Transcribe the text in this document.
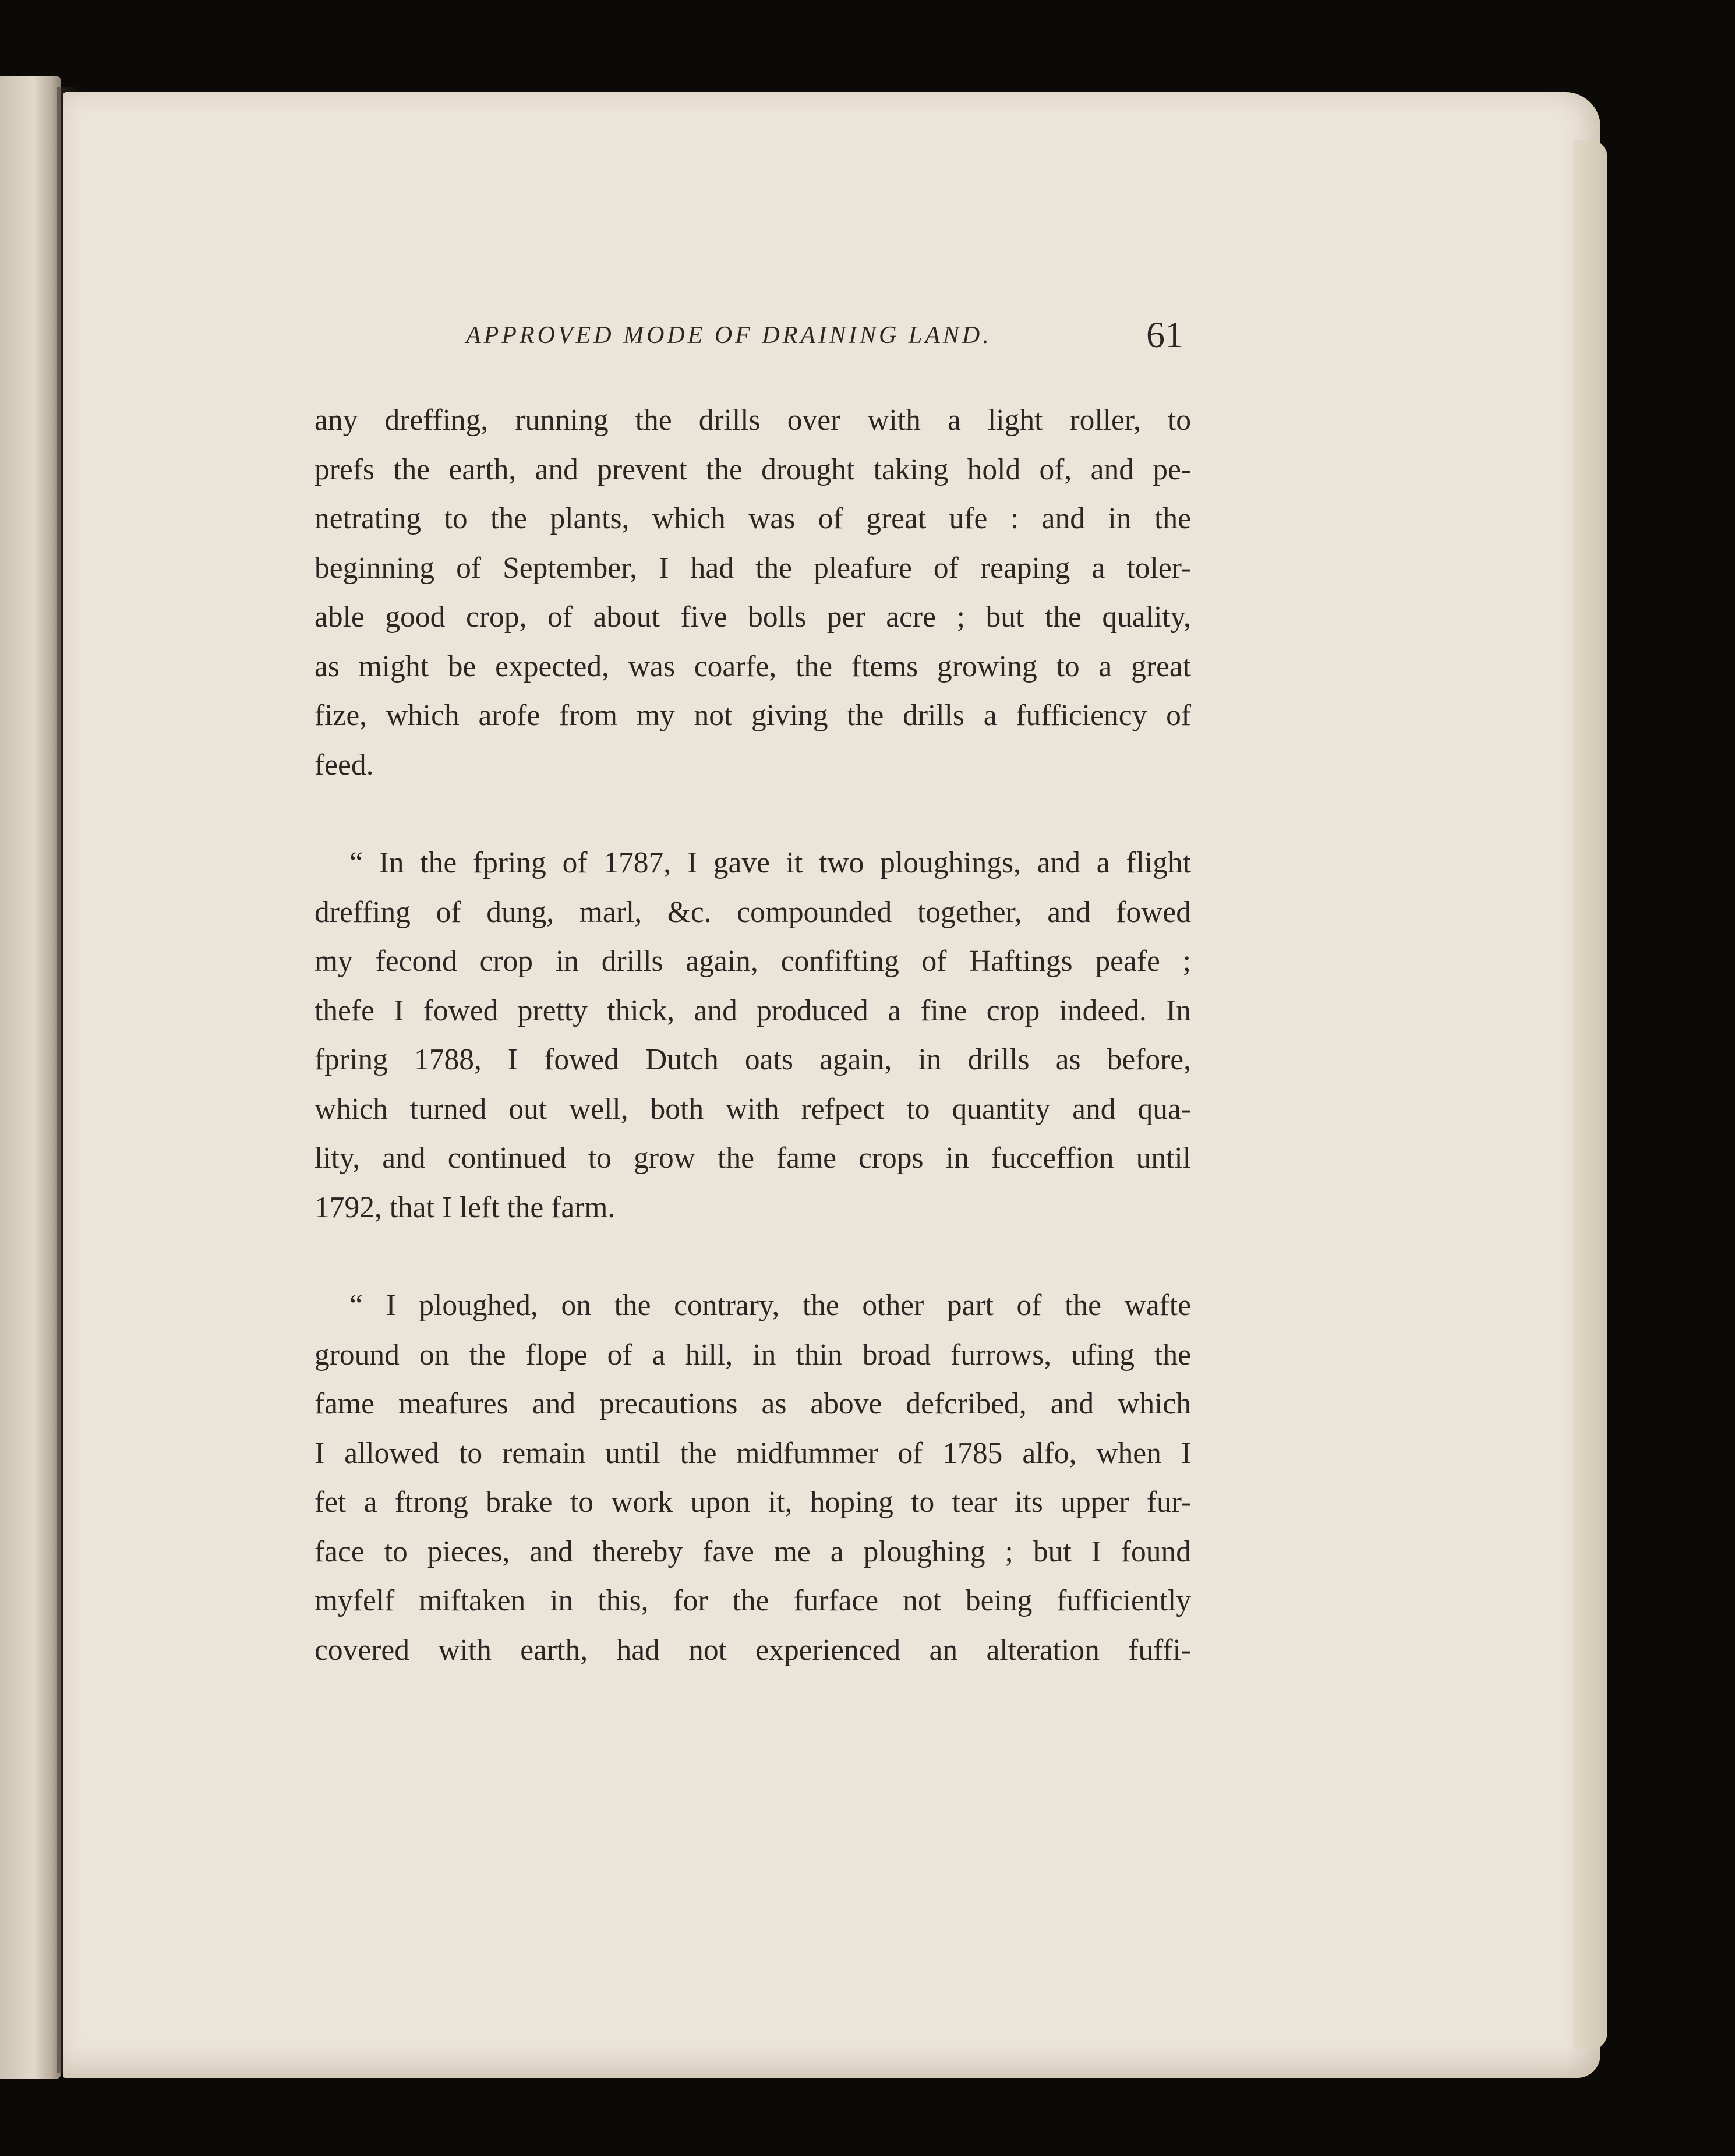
APPROVED MODE OF DRAINING LAND.	61

any dreffing, running the drills over with a light roller, to
prefs the earth, and prevent the drought taking hold of, and pe-
netrating to the plants, which was of great ufe : and in the
beginning of September, I had the pleafure of reaping a toler-
able good crop, of about five bolls per acre ; but the quality,
as might be expected, was coarfe, the ftems growing to a great
fize, which arofe from my not giving the drills a fufficiency of
feed.

“ In the fpring of 1787, I gave it two ploughings, and a flight
dreffing of dung, marl, &c. compounded together, and fowed
my fecond crop in drills again, confifting of Haftings peafe ;
thefe I fowed pretty thick, and produced a fine crop indeed. In
fpring 1788, I fowed Dutch oats again, in drills as before,
which turned out well, both with refpect to quantity and qua-
lity, and continued to grow the fame crops in fucceffion until
1792, that I left the farm.

“ I ploughed, on the contrary, the other part of the wafte
ground on the flope of a hill, in thin broad furrows, ufing the
fame meafures and precautions as above defcribed, and which
I allowed to remain until the midfummer of 1785 alfo, when I
fet a ftrong brake to work upon it, hoping to tear its upper fur-
face to pieces, and thereby fave me a ploughing ; but I found
myfelf miftaken in this, for the furface not being fufficiently
covered with earth, had not experienced an alteration fuffi-
